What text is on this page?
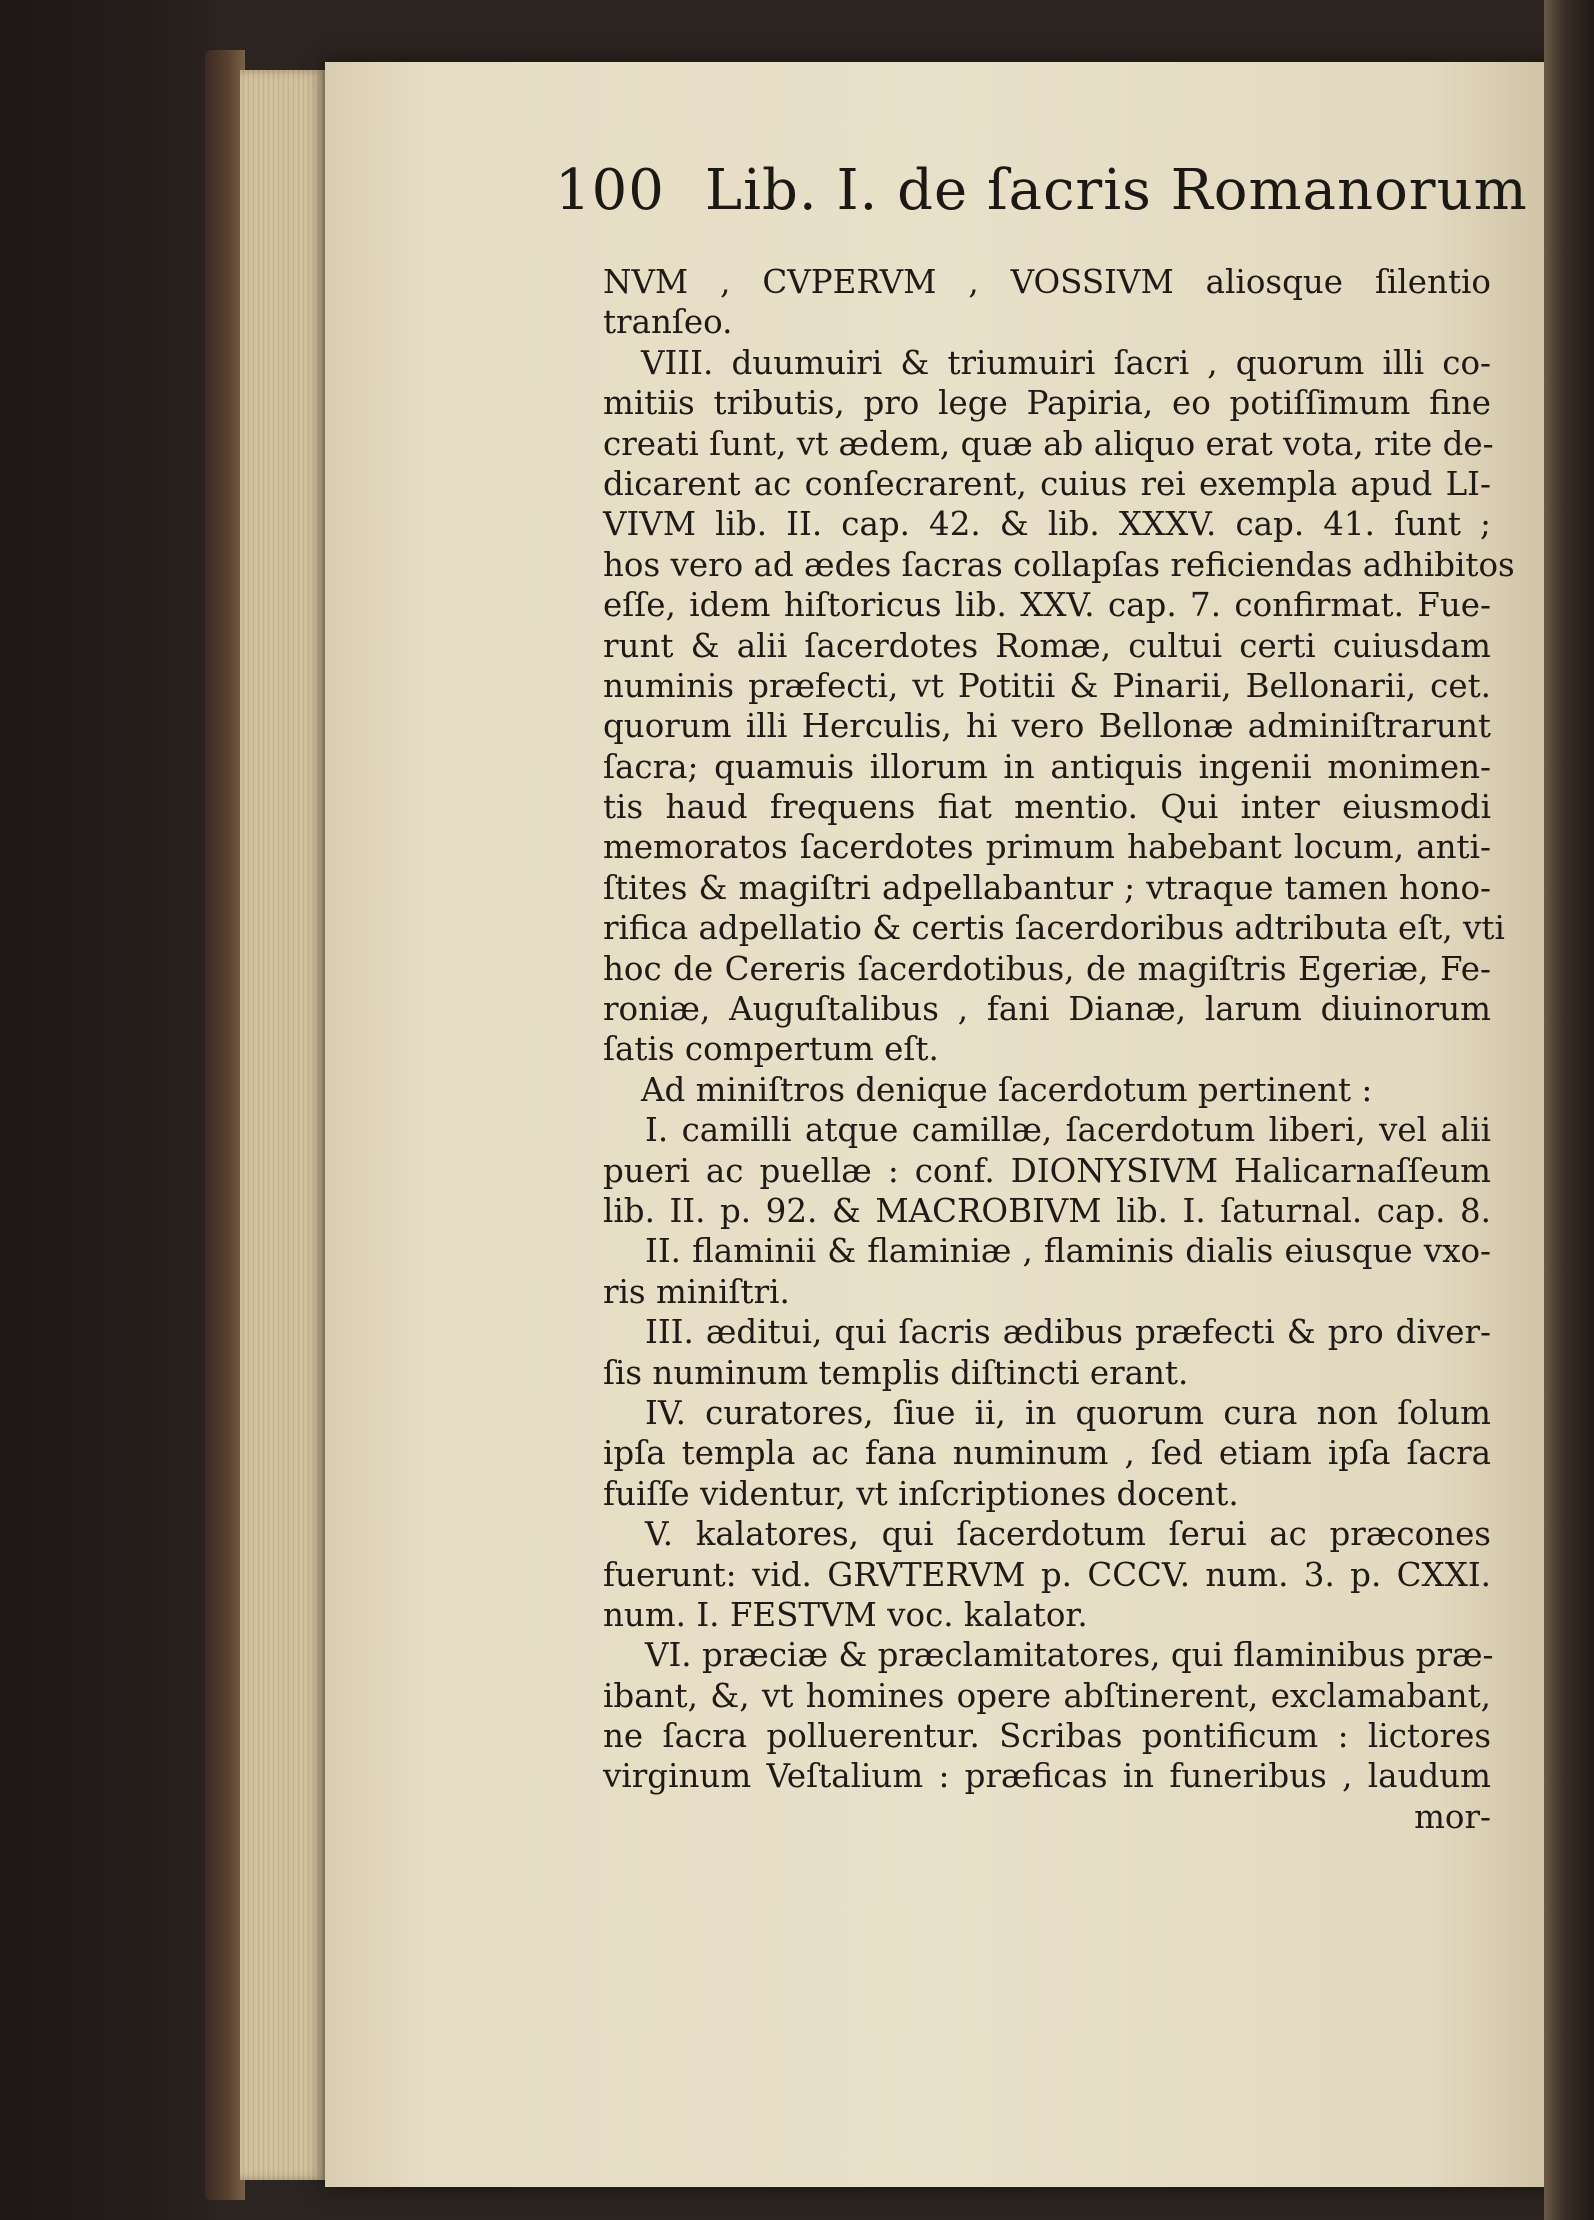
100 Lib. I. de ſacris Romanorum
NVM , CVPERVM , VOSSIVM aliosque ſilentio
tranſeo.
VIII. duumuiri & triumuiri ſacri , quorum illi co-
mitiis tributis, pro lege Papiria, eo potiſſimum fine
creati ſunt, vt ædem, quæ ab aliquo erat vota, rite de-
dicarent ac conſecrarent, cuius rei exempla apud LI-
VIVM lib. II. cap. 42. & lib. XXXV. cap. 41. ſunt ;
hos vero ad ædes ſacras collapſas reficiendas adhibitos
eſſe, idem hiſtoricus lib. XXV. cap. 7. confirmat. Fue-
runt & alii ſacerdotes Romæ, cultui certi cuiusdam
numinis præfecti, vt Potitii & Pinarii, Bellonarii, cet.
quorum illi Herculis, hi vero Bellonæ adminiſtrarunt
ſacra; quamuis illorum in antiquis ingenii monimen-
tis haud frequens fiat mentio. Qui inter eiusmodi
memoratos ſacerdotes primum habebant locum, anti-
ſtites & magiſtri adpellabantur ; vtraque tamen hono-
rifica adpellatio & certis ſacerdoribus adtributa eſt, vti
hoc de Cereris ſacerdotibus, de magiſtris Egeriæ, Fe-
roniæ, Auguſtalibus , fani Dianæ, larum diuinorum
ſatis compertum eſt.
Ad miniſtros denique ſacerdotum pertinent :
I. camilli atque camillæ, ſacerdotum liberi, vel alii
pueri ac puellæ : conf. DIONYSIVM Halicarnaſſeum
lib. II. p. 92. & MACROBIVM lib. I. ſaturnal. cap. 8.
II. flaminii & flaminiæ , flaminis dialis eiusque vxo-
ris miniſtri.
III. æditui, qui ſacris ædibus præfecti & pro diver-
ſis numinum templis diſtincti erant.
IV. curatores, ſiue ii, in quorum cura non ſolum
ipſa templa ac fana numinum , ſed etiam ipſa ſacra
fuiſſe videntur, vt inſcriptiones docent.
V. kalatores, qui ſacerdotum ſerui ac præcones
fuerunt: vid. GRVTERVM p. CCCV. num. 3. p. CXXI.
num. I. FESTVM voc. kalator.
VI. præciæ & præclamitatores, qui flaminibus præ-
ibant, &, vt homines opere abſtinerent, exclamabant,
ne ſacra polluerentur. Scribas pontificum : lictores
virginum Veſtalium : præficas in funeribus , laudum
mor-
